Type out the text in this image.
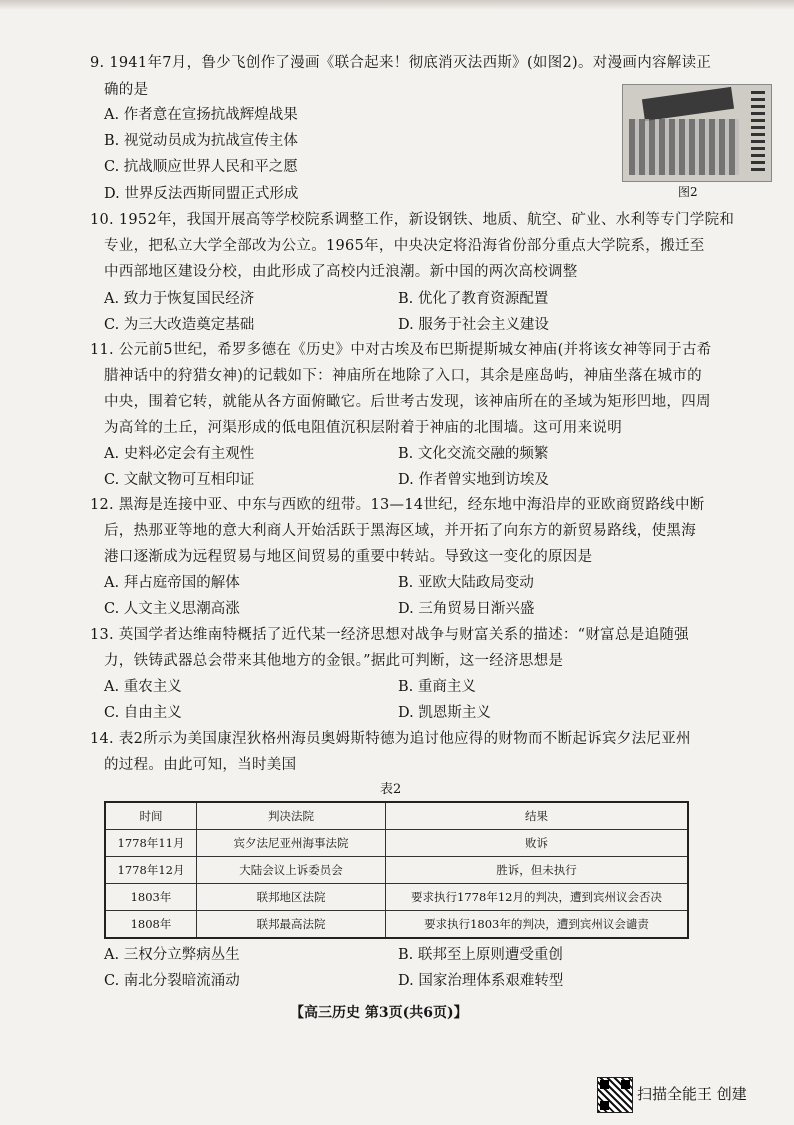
9. 1941年7月，鲁少飞创作了漫画《联合起来！彻底消灭法西斯》(如图2)。对漫画内容解读正
确的是
A. 作者意在宣扬抗战辉煌战果
B. 视觉动员成为抗战宣传主体
C. 抗战顺应世界人民和平之愿
D. 世界反法西斯同盟正式形成	图2
10. 1952年，我国开展高等学校院系调整工作，新设钢铁、地质、航空、矿业、水利等专门学院和
专业，把私立大学全部改为公立。1965年，中央决定将沿海省份部分重点大学院系，搬迁至
中西部地区建设分校，由此形成了高校内迁浪潮。新中国的两次高校调整
A. 致力于恢复国民经济	B. 优化了教育资源配置
C. 为三大改造奠定基础	D. 服务于社会主义建设
11. 公元前5世纪，希罗多德在《历史》中对古埃及布巴斯提斯城女神庙(并将该女神等同于古希
腊神话中的狩猎女神)的记载如下：神庙所在地除了入口，其余是座岛屿，神庙坐落在城市的
中央，围着它转，就能从各方面俯瞰它。后世考古发现，该神庙所在的圣域为矩形凹地，四周
为高耸的土丘，河渠形成的低电阻值沉积层附着于神庙的北围墙。这可用来说明
A. 史料必定会有主观性	B. 文化交流交融的频繁
C. 文献文物可互相印证	D. 作者曾实地到访埃及
12. 黑海是连接中亚、中东与西欧的纽带。13—14世纪，经东地中海沿岸的亚欧商贸路线中断
后，热那亚等地的意大利商人开始活跃于黑海区域，并开拓了向东方的新贸易路线，使黑海
港口逐渐成为远程贸易与地区间贸易的重要中转站。导致这一变化的原因是
A. 拜占庭帝国的解体	B. 亚欧大陆政局变动
C. 人文主义思潮高涨	D. 三角贸易日渐兴盛
13. 英国学者达维南特概括了近代某一经济思想对战争与财富关系的描述：“财富总是追随强
力，铁铸武器总会带来其他地方的金银。”据此可判断，这一经济思想是
A. 重农主义	B. 重商主义
C. 自由主义	D. 凯恩斯主义
14. 表2所示为美国康涅狄格州海员奥姆斯特德为追讨他应得的财物而不断起诉宾夕法尼亚州
的过程。由此可知，当时美国
表2
时间	判决法院	结果
1778年11月	宾夕法尼亚州海事法院	败诉
1778年12月	大陆会议上诉委员会	胜诉，但未执行
1803年	联邦地区法院	要求执行1778年12月的判决，遭到宾州议会否决
1808年	联邦最高法院	要求执行1803年的判决，遭到宾州议会谴责
A. 三权分立弊病丛生	B. 联邦至上原则遭受重创
C. 南北分裂暗流涌动	D. 国家治理体系艰难转型
【高三历史 第3页(共6页)】
扫描全能王 创建
